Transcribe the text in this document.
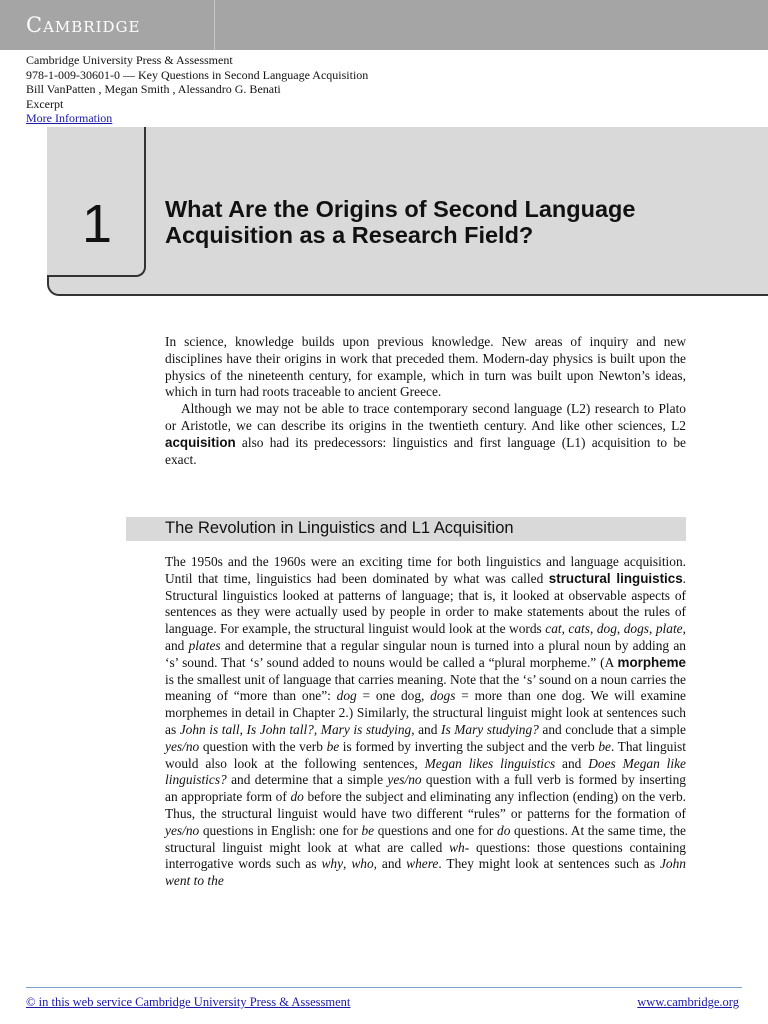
Cambridge
Cambridge University Press & Assessment
978-1-009-30601-0 — Key Questions in Second Language Acquisition
Bill VanPatten , Megan Smith , Alessandro G. Benati
Excerpt
More Information
1 What Are the Origins of Second Language
Acquisition as a Research Field?

In science, knowledge builds upon previous knowledge. New areas of inquiry and new disciplines have their origins in work that preceded them. Modern-day physics is built upon the physics of the nineteenth century, for example, which in turn was built upon Newton’s ideas, which in turn had roots traceable to ancient Greece.

Although we may not be able to trace contemporary second language (L2) research to Plato or Aristotle, we can describe its origins in the twentieth century. And like other sciences, L2 acquisition also had its predecessors: linguistics and first language (L1) acquisition to be exact.

The Revolution in Linguistics and L1 Acquisition

The 1950s and the 1960s were an exciting time for both linguistics and language acquisition. Until that time, linguistics had been dominated by what was called structural linguistics. Structural linguistics looked at patterns of language; that is, it looked at observable aspects of sentences as they were actually used by people in order to make statements about the rules of language. For example, the structural linguist would look at the words cat, cats, dog, dogs, plate, and plates and determine that a regular singular noun is turned into a plural noun by adding an ‘s’ sound. That ‘s’ sound added to nouns would be called a “plural morpheme.” (A morpheme is the smallest unit of language that carries meaning. Note that the ‘s’ sound on a noun carries the meaning of “more than one”: dog = one dog, dogs = more than one dog. We will examine morphemes in detail in Chapter 2.) Similarly, the structural linguist might look at sentences such as John is tall, Is John tall?, Mary is studying, and Is Mary studying? and conclude that a simple yes/no question with the verb be is formed by inverting the subject and the verb be. That linguist would also look at the following sentences, Megan likes linguistics and Does Megan like linguistics? and determine that a simple yes/no question with a full verb is formed by inserting an appropriate form of do before the subject and eliminating any inflection (ending) on the verb. Thus, the structural linguist would have two different “rules” or patterns for the formation of yes/no questions in English: one for be questions and one for do questions. At the same time, the structural linguist might look at what are called wh- questions: those questions containing interrogative words such as why, who, and where. They might look at sentences such as John went to the

© in this web service Cambridge University Press & Assessment	www.cambridge.org
